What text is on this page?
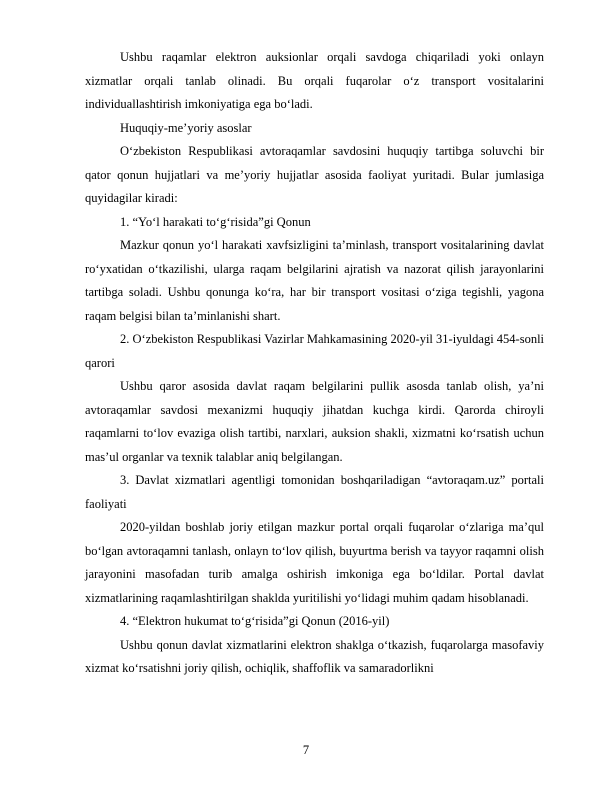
Ushbu raqamlar elektron auksionlar orqali savdoga chiqariladi yoki onlayn xizmatlar orqali tanlab olinadi. Bu orqali fuqarolar o‘z transport vositalarini individuallashtirish imkoniyatiga ega bo‘ladi.

Huquqiy-me’yoriy asoslar

O‘zbekiston Respublikasi avtoraqamlar savdosini huquqiy tartibga soluvchi bir qator qonun hujjatlari va me’yoriy hujjatlar asosida faoliyat yuritadi. Bular jumlasiga quyidagilar kiradi:

1. “Yo‘l harakati to‘g‘risida”gi Qonun

Mazkur qonun yo‘l harakati xavfsizligini ta’minlash, transport vositalarining davlat ro‘yxatidan o‘tkazilishi, ularga raqam belgilarini ajratish va nazorat qilish jarayonlarini tartibga soladi. Ushbu qonunga ko‘ra, har bir transport vositasi o‘ziga tegishli, yagona raqam belgisi bilan ta’minlanishi shart.

2. O‘zbekiston Respublikasi Vazirlar Mahkamasining 2020-yil 31-iyuldagi 454-sonli qarori

Ushbu qaror asosida davlat raqam belgilarini pullik asosda tanlab olish, ya’ni avtoraqamlar savdosi mexanizmi huquqiy jihatdan kuchga kirdi. Qarorda chiroyli raqamlarni to‘lov evaziga olish tartibi, narxlari, auksion shakli, xizmatni ko‘rsatish uchun mas’ul organlar va texnik talablar aniq belgilangan.

3. Davlat xizmatlari agentligi tomonidan boshqariladigan “avtoraqam.uz” portali faoliyati

2020-yildan boshlab joriy etilgan mazkur portal orqali fuqarolar o‘zlariga ma’qul bo‘lgan avtoraqamni tanlash, onlayn to‘lov qilish, buyurtma berish va tayyor raqamni olish jarayonini masofadan turib amalga oshirish imkoniga ega bo‘ldilar. Portal davlat xizmatlarining raqamlashtirilgan shaklda yuritilishi yo‘lidagi muhim qadam hisoblanadi.

4. “Elektron hukumat to‘g‘risida”gi Qonun (2016-yil)

Ushbu qonun davlat xizmatlarini elektron shaklga o‘tkazish, fuqarolarga masofaviy xizmat ko‘rsatishni joriy qilish, ochiqlik, shaffoflik va samaradorlikni

7
